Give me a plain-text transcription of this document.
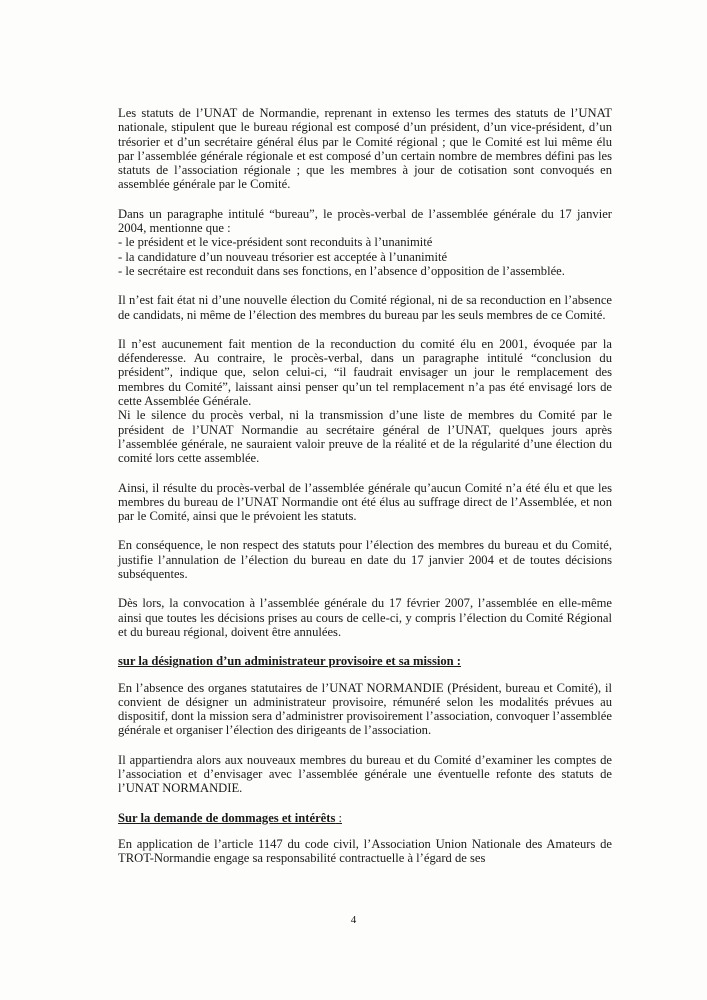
Les statuts de l’UNAT de Normandie, reprenant in extenso les termes des statuts de l’UNAT nationale, stipulent que le bureau régional est composé d’un président, d’un vice-président, d’un trésorier et d’un secrétaire général élus par le Comité régional ; que le Comité est lui même élu par l’assemblée générale régionale et est composé d’un certain nombre de membres défini pas les statuts de l’association régionale ; que les membres à jour de cotisation sont convoqués en assemblée générale par le Comité.

Dans un paragraphe intitulé “bureau”, le procès-verbal de l’assemblée générale du 17 janvier 2004, mentionne que :
- le président et le vice-président sont reconduits à l’unanimité
- la candidature d’un nouveau trésorier est acceptée à l’unanimité
- le secrétaire est reconduit dans ses fonctions, en l’absence d’opposition de l’assemblée.

Il n’est fait état ni d’une nouvelle élection du Comité régional, ni de sa reconduction en l’absence de candidats, ni même de l’élection des membres du bureau par les seuls membres de ce Comité.

Il n’est aucunement fait mention de la reconduction du comité élu en 2001, évoquée par la défenderesse. Au contraire, le procès-verbal, dans un paragraphe intitulé “conclusion du président”, indique que, selon celui-ci, “il faudrait envisager un jour le remplacement des membres du Comité”, laissant ainsi penser qu’un tel remplacement n’a pas été envisagé lors de cette Assemblée Générale.
Ni le silence du procès verbal, ni la transmission d’une liste de membres du Comité par le président de l’UNAT Normandie au secrétaire général de l’UNAT, quelques jours après l’assemblée générale, ne sauraient valoir preuve de la réalité et de la régularité d’une élection du comité lors cette assemblée.

Ainsi, il résulte du procès-verbal de l’assemblée générale qu’aucun Comité n’a été élu et que les membres du bureau de l’UNAT Normandie ont été élus au suffrage direct de l’Assemblée, et non par le Comité, ainsi que le prévoient les statuts.

En conséquence, le non respect des statuts pour l’élection des membres du bureau et du Comité, justifie l’annulation de l’élection du bureau en date du 17 janvier 2004 et de toutes décisions subséquentes.

Dès lors, la convocation à l’assemblée générale du 17 février 2007, l’assemblée en elle-même ainsi que toutes les décisions prises au cours de celle-ci, y compris l’élection du Comité Régional et du bureau régional, doivent être annulées.

sur la désignation d’un administrateur provisoire et sa mission :

En l’absence des organes statutaires de l’UNAT NORMANDIE (Président, bureau et Comité), il convient de désigner un administrateur provisoire, rémunéré selon les modalités prévues au dispositif, dont la mission sera d’administrer provisoirement l’association, convoquer l’assemblée générale et organiser l’élection des dirigeants de l’association.

Il appartiendra alors aux nouveaux membres du bureau et du Comité d’examiner les comptes de l’association et d’envisager avec l’assemblée générale une éventuelle refonte des statuts de l’UNAT NORMANDIE.

Sur la demande de dommages et intérêts :

En application de l’article 1147 du code civil, l’Association Union Nationale des Amateurs de TROT-Normandie engage sa responsabilité contractuelle à l’égard de ses

4
